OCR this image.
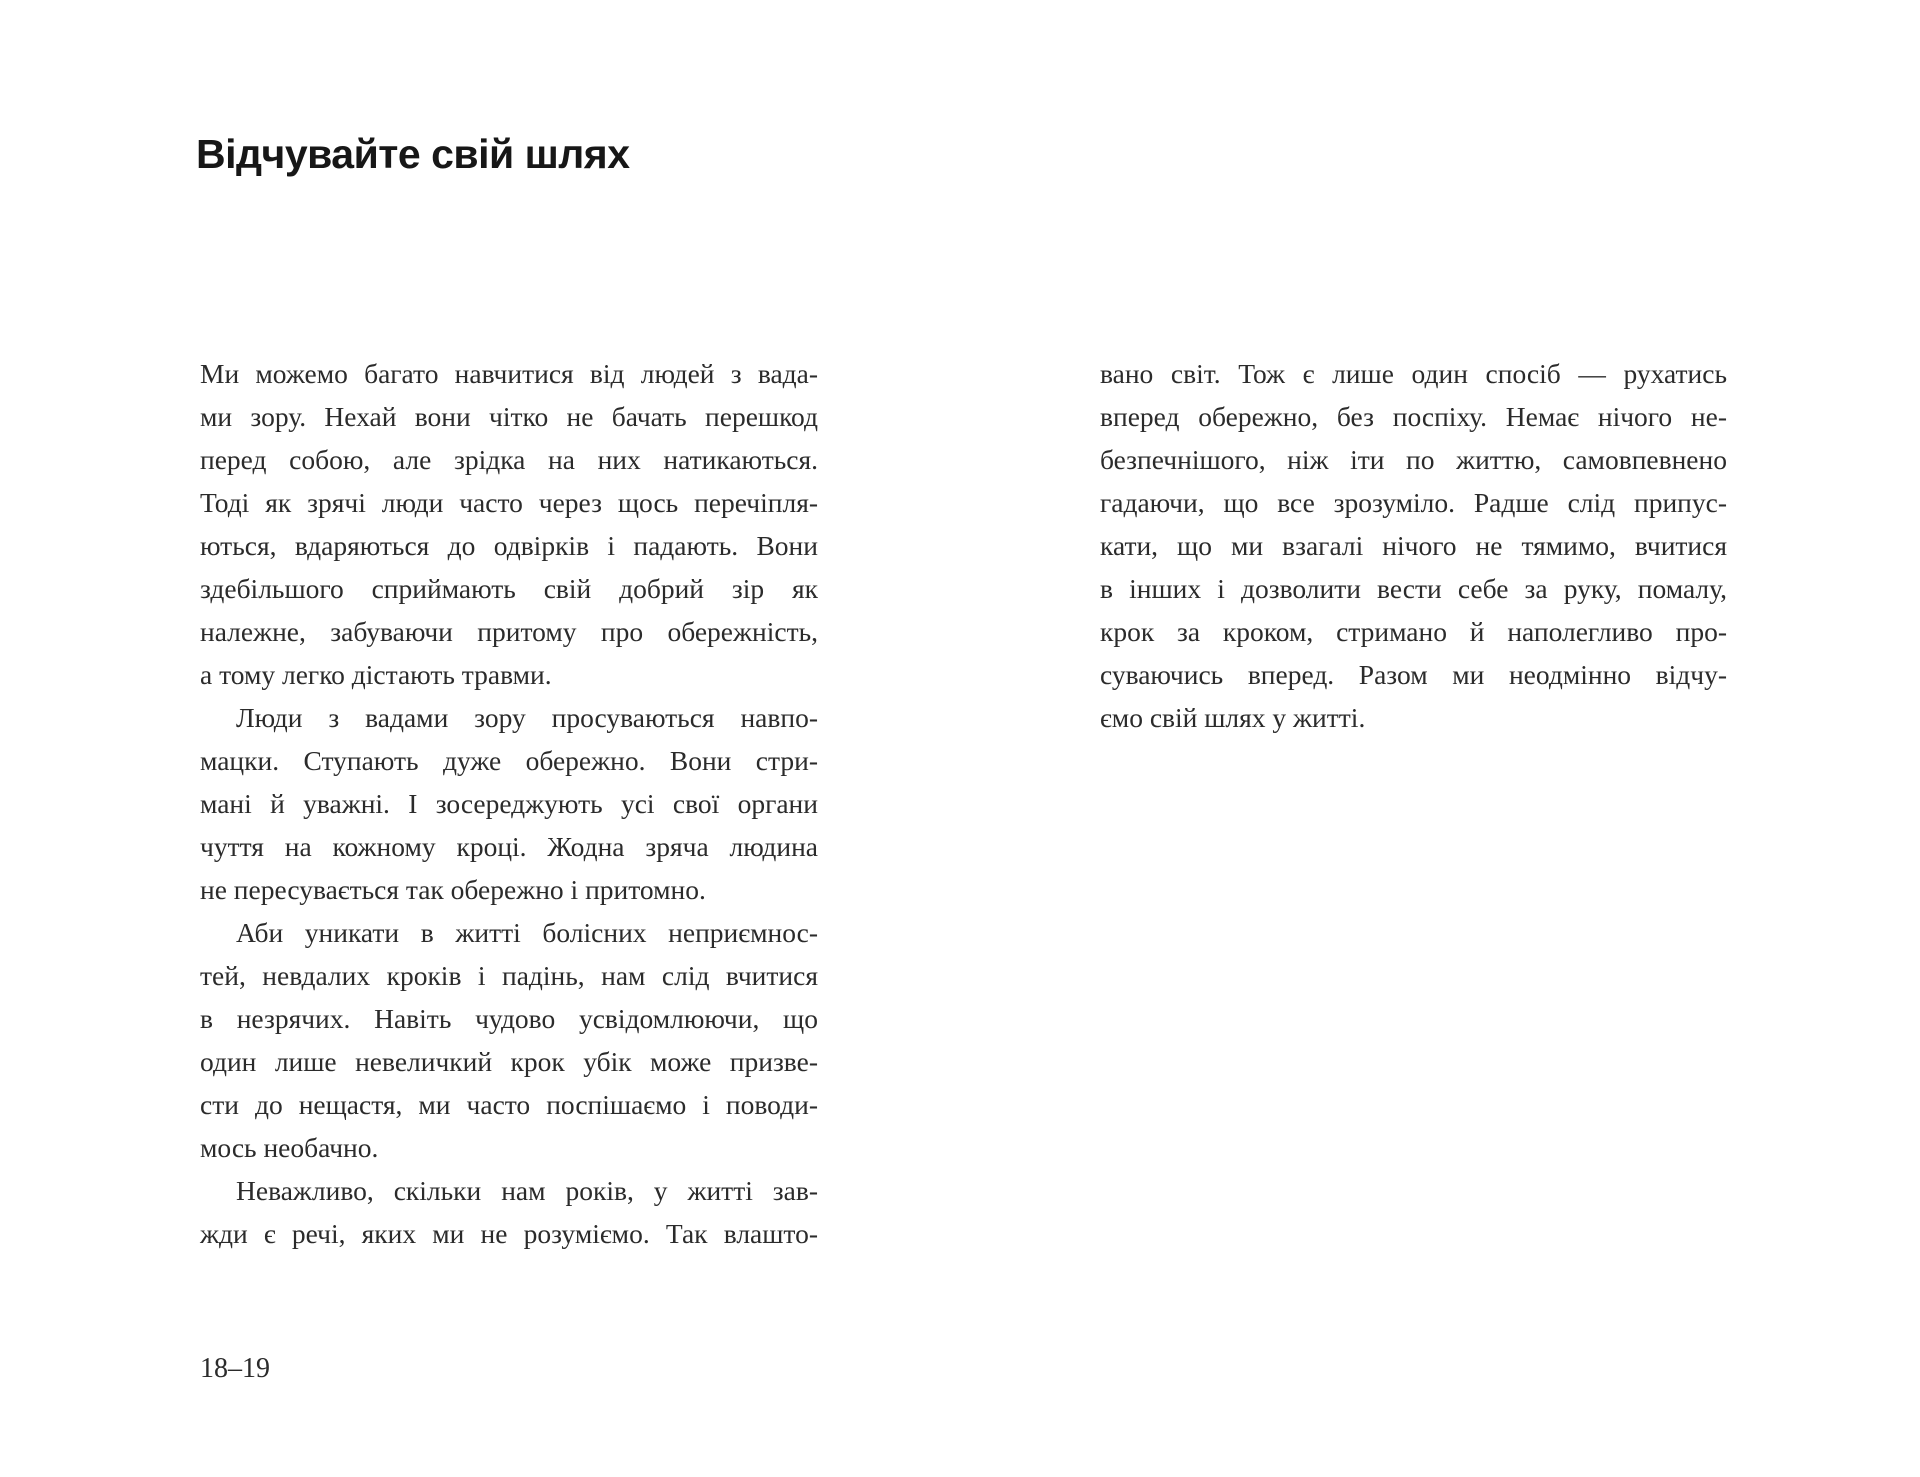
Відчувайте свій шлях
Ми можемо багато навчитися від людей з вада-
ми зору. Нехай вони чітко не бачать перешкод
перед собою, але зрідка на них натикаються.
Тоді як зрячі люди часто через щось перечіпля-
ються, вдаряються до одвірків і падають. Вони
здебільшого сприймають свій добрий зір як
належне, забуваючи притому про обережність,
а тому легко дістають травми.
Люди з вадами зору просуваються навпо-
мацки. Ступають дуже обережно. Вони стри-
мані й уважні. І зосереджують усі свої органи
чуття на кожному кроці. Жодна зряча людина
не пересувається так обережно і притомно.
Аби уникати в житті болісних неприємнос-
тей, невдалих кроків і падінь, нам слід вчитися
в незрячих. Навіть чудово усвідомлюючи, що
один лише невеличкий крок убік може призве-
сти до нещастя, ми часто поспішаємо і поводи-
мось необачно.
Неважливо, скільки нам років, у житті зав-
жди є речі, яких ми не розуміємо. Так влашто-
вано світ. Тож є лише один спосіб — рухатись
вперед обережно, без поспіху. Немає нічого не-
безпечнішого, ніж іти по життю, самовпевнено
гадаючи, що все зрозуміло. Радше слід припус-
кати, що ми взагалі нічого не тямимо, вчитися
в інших і дозволити вести себе за руку, помалу,
крок за кроком, стримано й наполегливо про-
суваючись вперед. Разом ми неодмінно відчу-
ємо свій шлях у житті.
18–19
